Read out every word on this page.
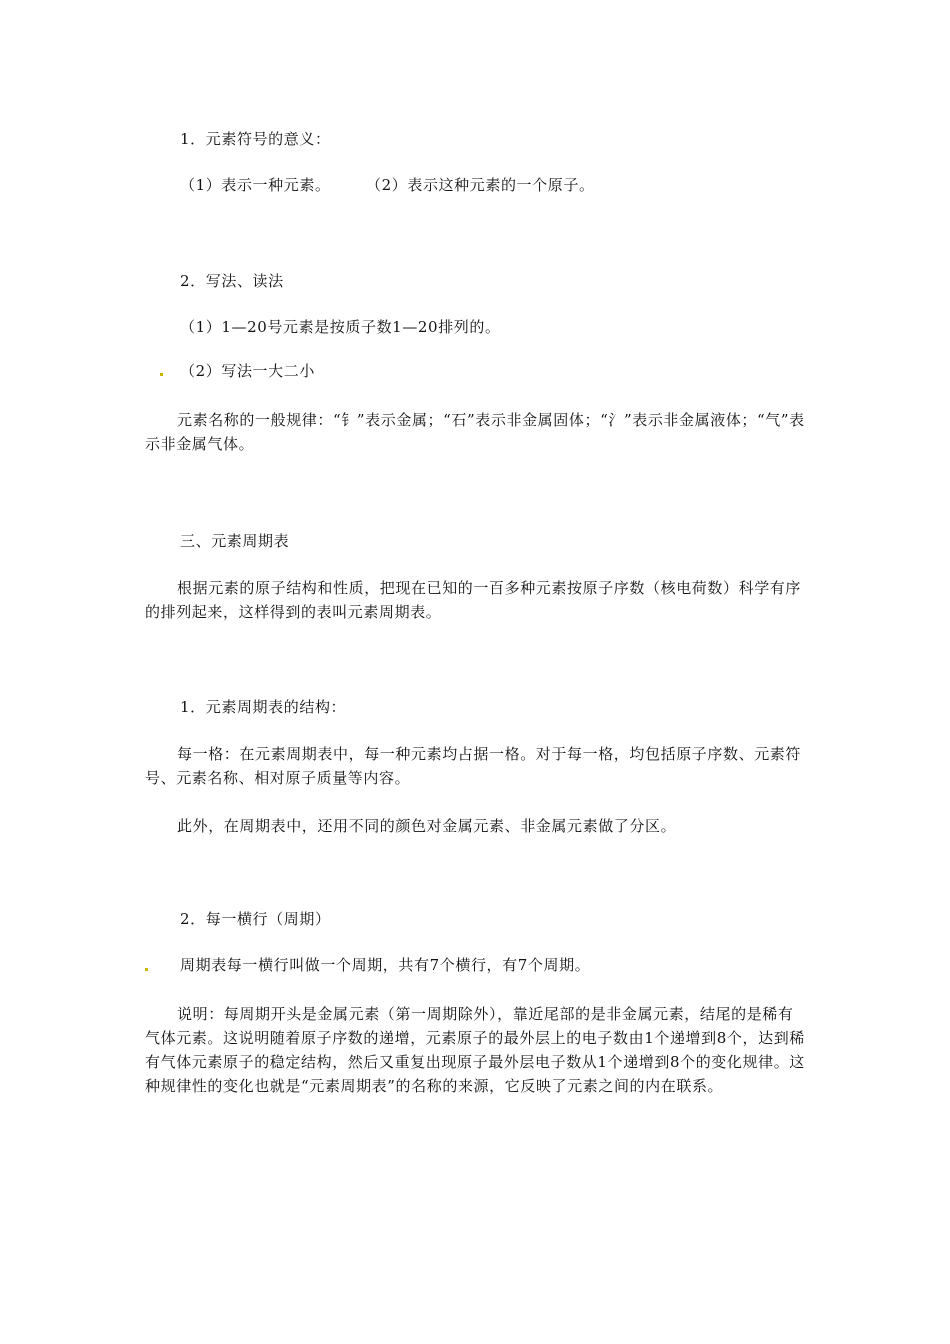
1．元素符号的意义：
（1）表示一种元素。 （2）表示这种元素的一个原子。
2．写法、读法
（1）1—20号元素是按质子数1—20排列的。
（2）写法一大二小
元素名称的一般规律：“钅”表示金属；“石”表示非金属固体；“氵”表示非金属液体；“气”表示非金属气体。
三、元素周期表
根据元素的原子结构和性质，把现在已知的一百多种元素按原子序数（核电荷数）科学有序的排列起来，这样得到的表叫元素周期表。
1．元素周期表的结构：
每一格：在元素周期表中，每一种元素均占据一格。对于每一格，均包括原子序数、元素符号、元素名称、相对原子质量等内容。
此外，在周期表中，还用不同的颜色对金属元素、非金属元素做了分区。
2．每一横行（周期）
周期表每一横行叫做一个周期，共有7个横行，有7个周期。
说明：每周期开头是金属元素（第一周期除外），靠近尾部的是非金属元素，结尾的是稀有气体元素。这说明随着原子序数的递增，元素原子的最外层上的电子数由1个递增到8个，达到稀有气体元素原子的稳定结构，然后又重复出现原子最外层电子数从1个递增到8个的变化规律。这种规律性的变化也就是“元素周期表”的名称的来源，它反映了元素之间的内在联系。
